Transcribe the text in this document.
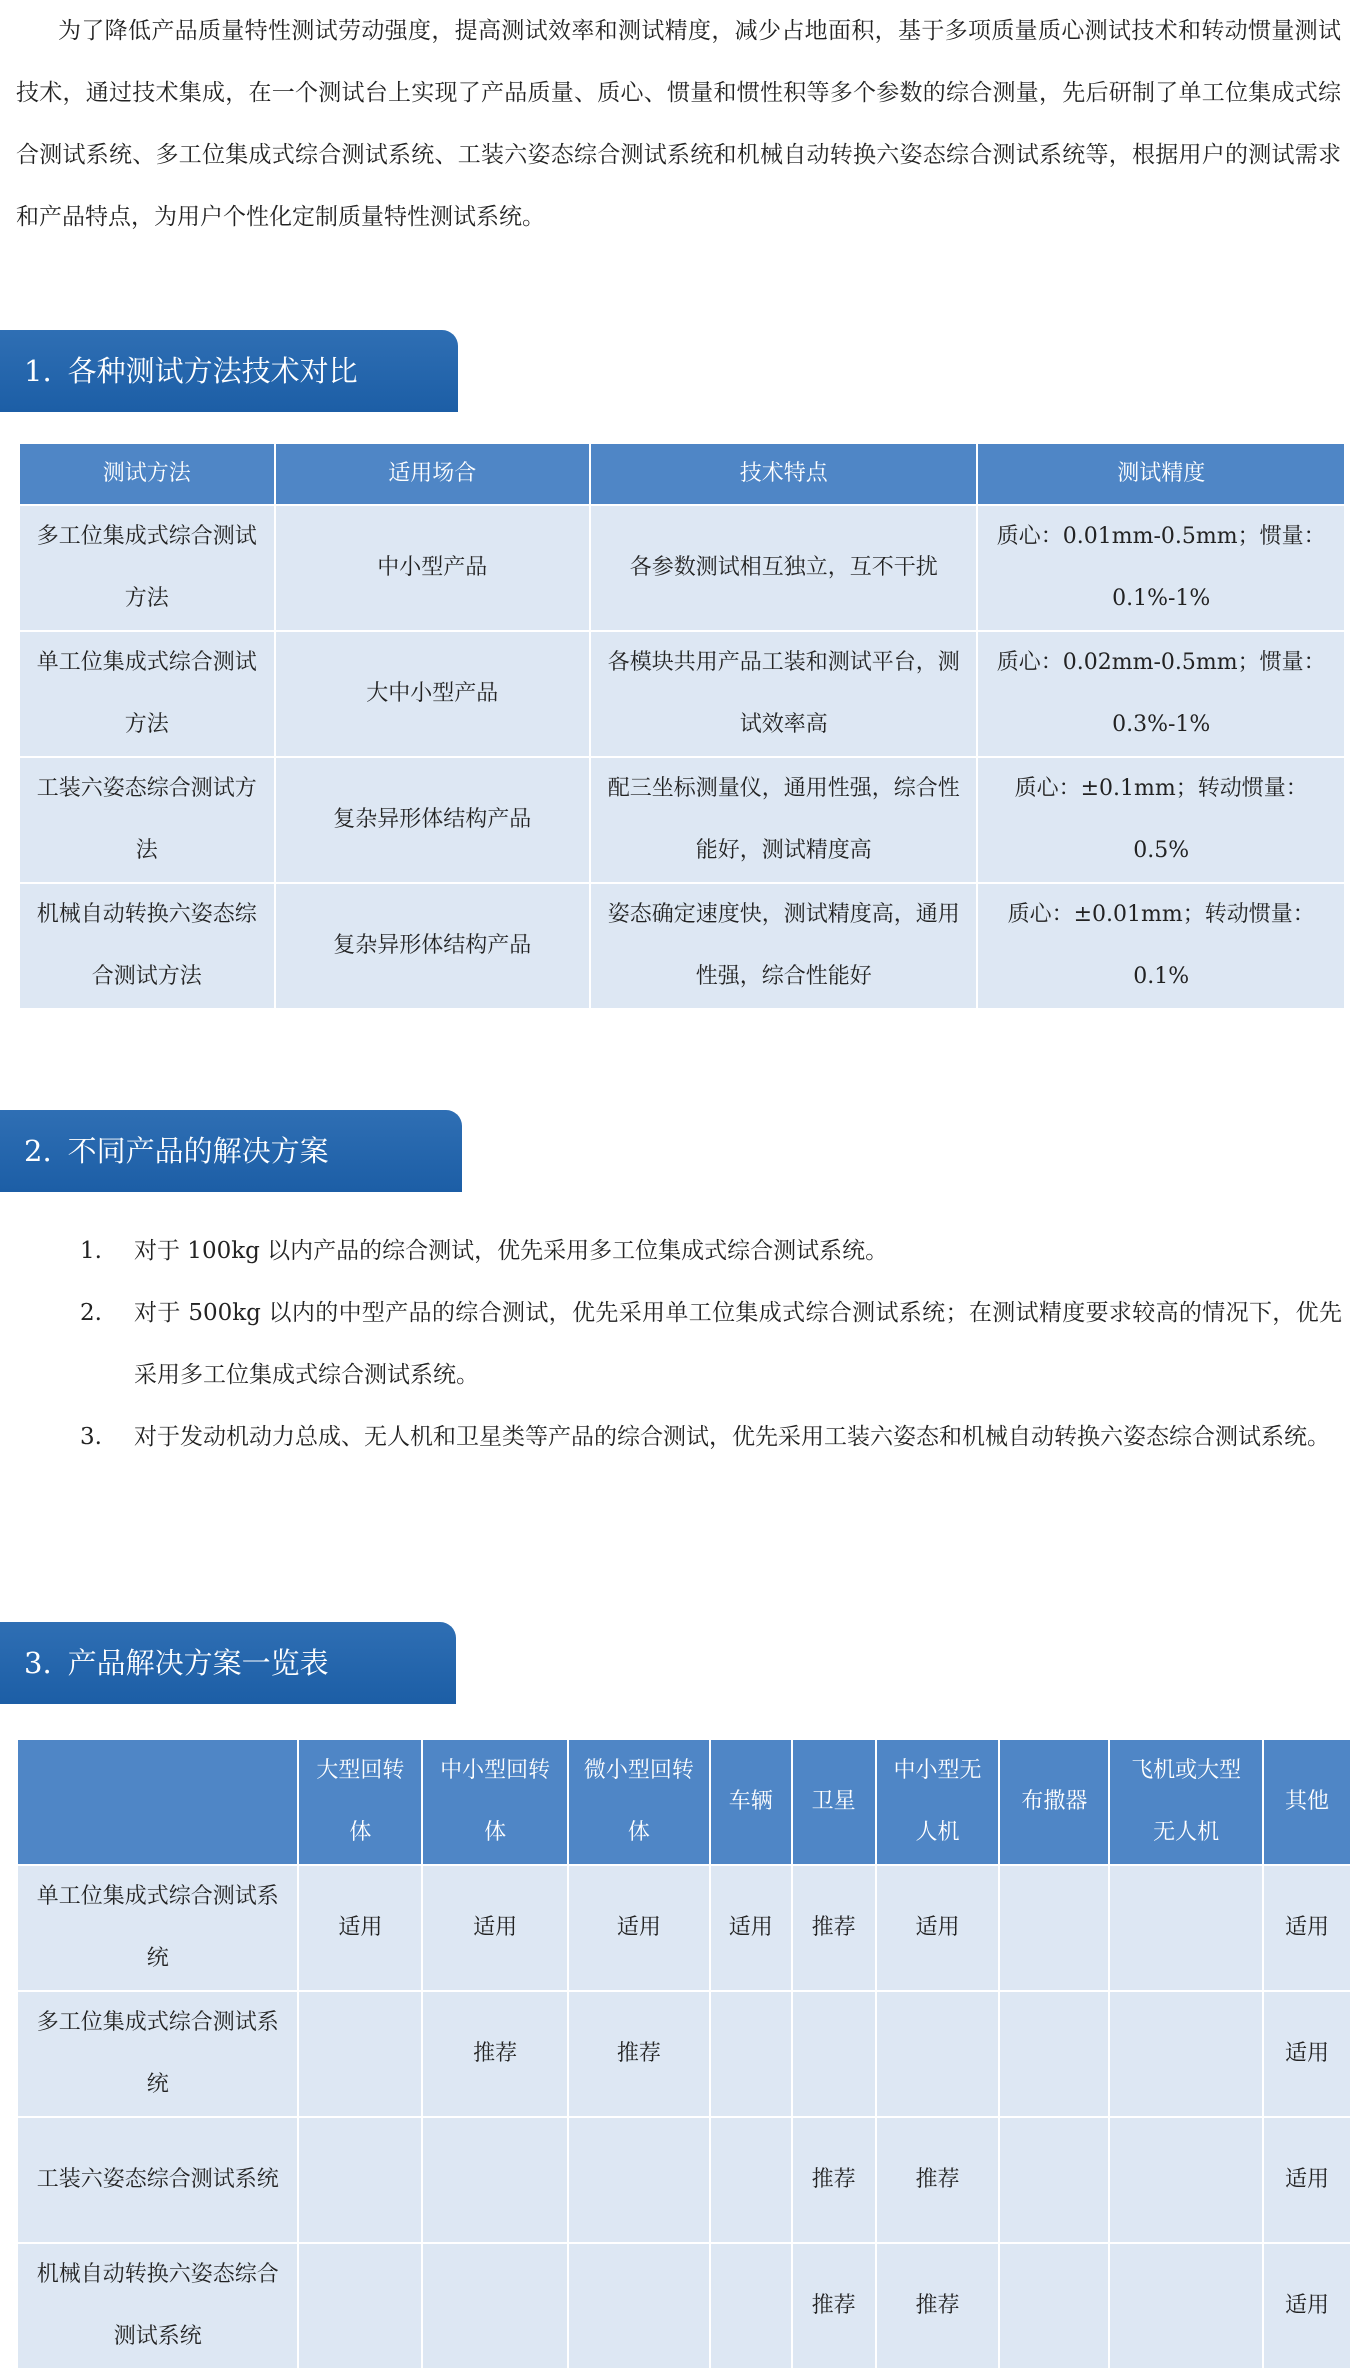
为了降低产品质量特性测试劳动强度，提高测试效率和测试精度，减少占地面积，基于多项质量质心测试技术和转动惯量测试技术，通过技术集成，在一个测试台上实现了产品质量、质心、惯量和惯性积等多个参数的综合测量，先后研制了单工位集成式综合测试系统、多工位集成式综合测试系统、工装六姿态综合测试系统和机械自动转换六姿态综合测试系统等，根据用户的测试需求和产品特点，为用户个性化定制质量特性测试系统。

1. 各种测试方法技术对比
测试方法	适用场合	技术特点	测试精度
多工位集成式综合测试方法	中小型产品	各参数测试相互独立，互不干扰	质心：0.01mm-0.5mm；惯量：0.1%-1%
单工位集成式综合测试方法	大中小型产品	各模块共用产品工装和测试平台，测试效率高	质心：0.02mm-0.5mm；惯量：0.3%-1%
工装六姿态综合测试方法	复杂异形体结构产品	配三坐标测量仪，通用性强，综合性能好，测试精度高	质心：±0.1mm；转动惯量：0.5%
机械自动转换六姿态综合测试方法	复杂异形体结构产品	姿态确定速度快，测试精度高，通用性强，综合性能好	质心：±0.01mm；转动惯量：0.1%
2. 不同产品的解决方案
1. 对于 100kg 以内产品的综合测试，优先采用多工位集成式综合测试系统。
2. 对于 500kg 以内的中型产品的综合测试，优先采用单工位集成式综合测试系统；在测试精度要求较高的情况下，优先采用多工位集成式综合测试系统。
3. 对于发动机动力总成、无人机和卫星类等产品的综合测试，优先采用工装六姿态和机械自动转换六姿态综合测试系统。
3. 产品解决方案一览表
	大型回转体	中小型回转体	微小型回转体	车辆	卫星	中小型无人机	布撒器	飞机或大型无人机	其他
单工位集成式综合测试系统	适用	适用	适用	适用	推荐	适用			适用
多工位集成式综合测试系统		推荐	推荐						适用
工装六姿态综合测试系统					推荐	推荐			适用
机械自动转换六姿态综合测试系统					推荐	推荐			适用
